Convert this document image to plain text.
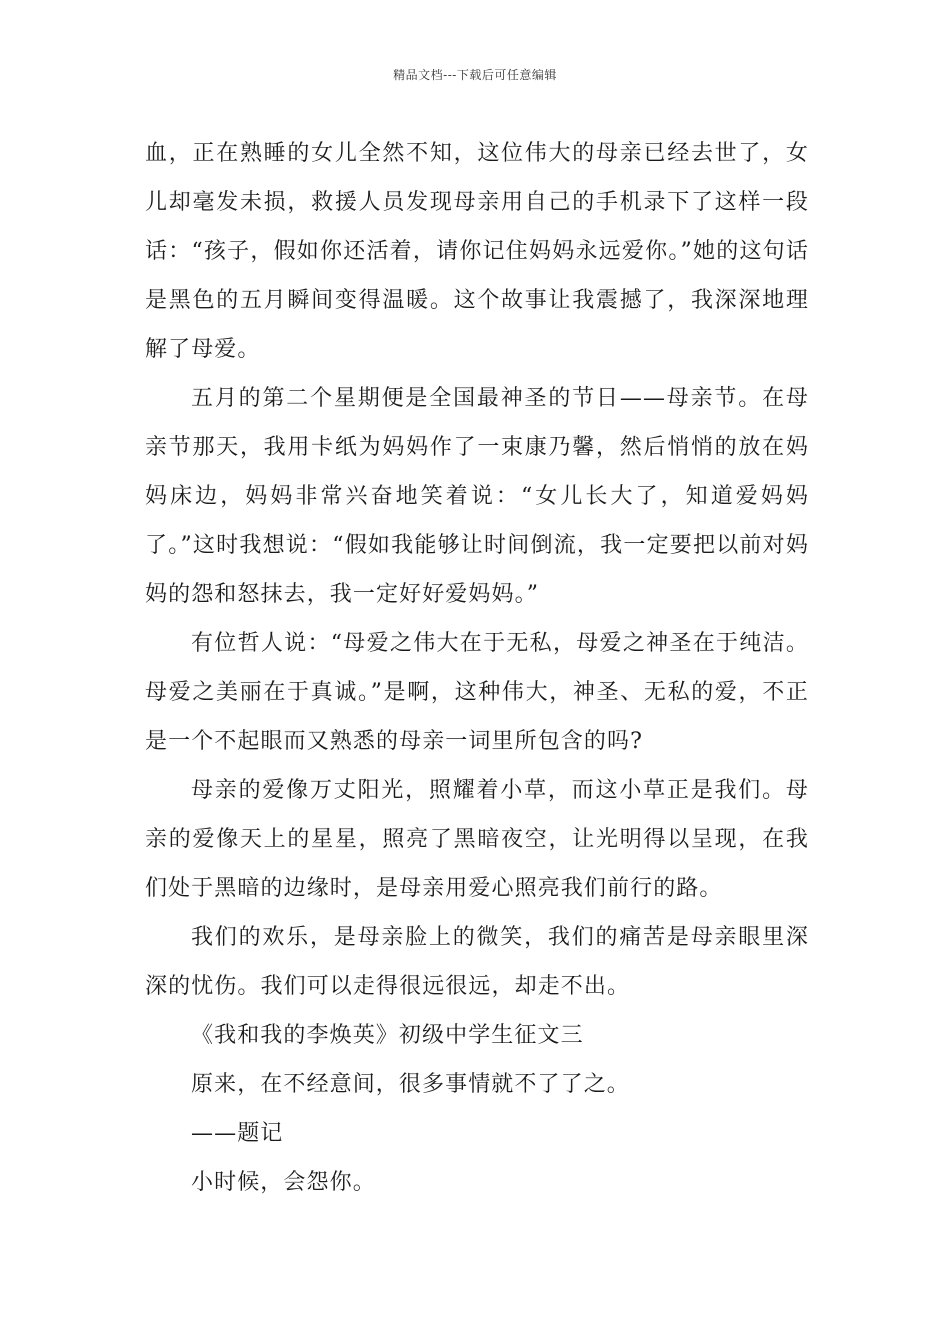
精品文档---下载后可任意编辑

血，正在熟睡的女儿全然不知，这位伟大的母亲已经去世了，女儿却毫发未损，救援人员发现母亲用自己的手机录下了这样一段话：“孩子，假如你还活着，请你记住妈妈永远爱你。”她的这句话是黑色的五月瞬间变得温暖。这个故事让我震撼了，我深深地理解了母爱。

五月的第二个星期便是全国最神圣的节日——母亲节。在母亲节那天，我用卡纸为妈妈作了一束康乃馨，然后悄悄的放在妈妈床边，妈妈非常兴奋地笑着说：“女儿长大了，知道爱妈妈了。”这时我想说：“假如我能够让时间倒流，我一定要把以前对妈妈的怨和怒抹去，我一定好好爱妈妈。”

有位哲人说：“母爱之伟大在于无私，母爱之神圣在于纯洁。母爱之美丽在于真诚。”是啊，这种伟大，神圣、无私的爱，不正是一个不起眼而又熟悉的母亲一词里所包含的吗?

母亲的爱像万丈阳光，照耀着小草，而这小草正是我们。母亲的爱像天上的星星，照亮了黑暗夜空，让光明得以呈现，在我们处于黑暗的边缘时，是母亲用爱心照亮我们前行的路。

我们的欢乐，是母亲脸上的微笑，我们的痛苦是母亲眼里深深的忧伤。我们可以走得很远很远，却走不出。

《我和我的李焕英》初级中学生征文三

原来，在不经意间，很多事情就不了了之。

——题记

小时候，会怨你。
